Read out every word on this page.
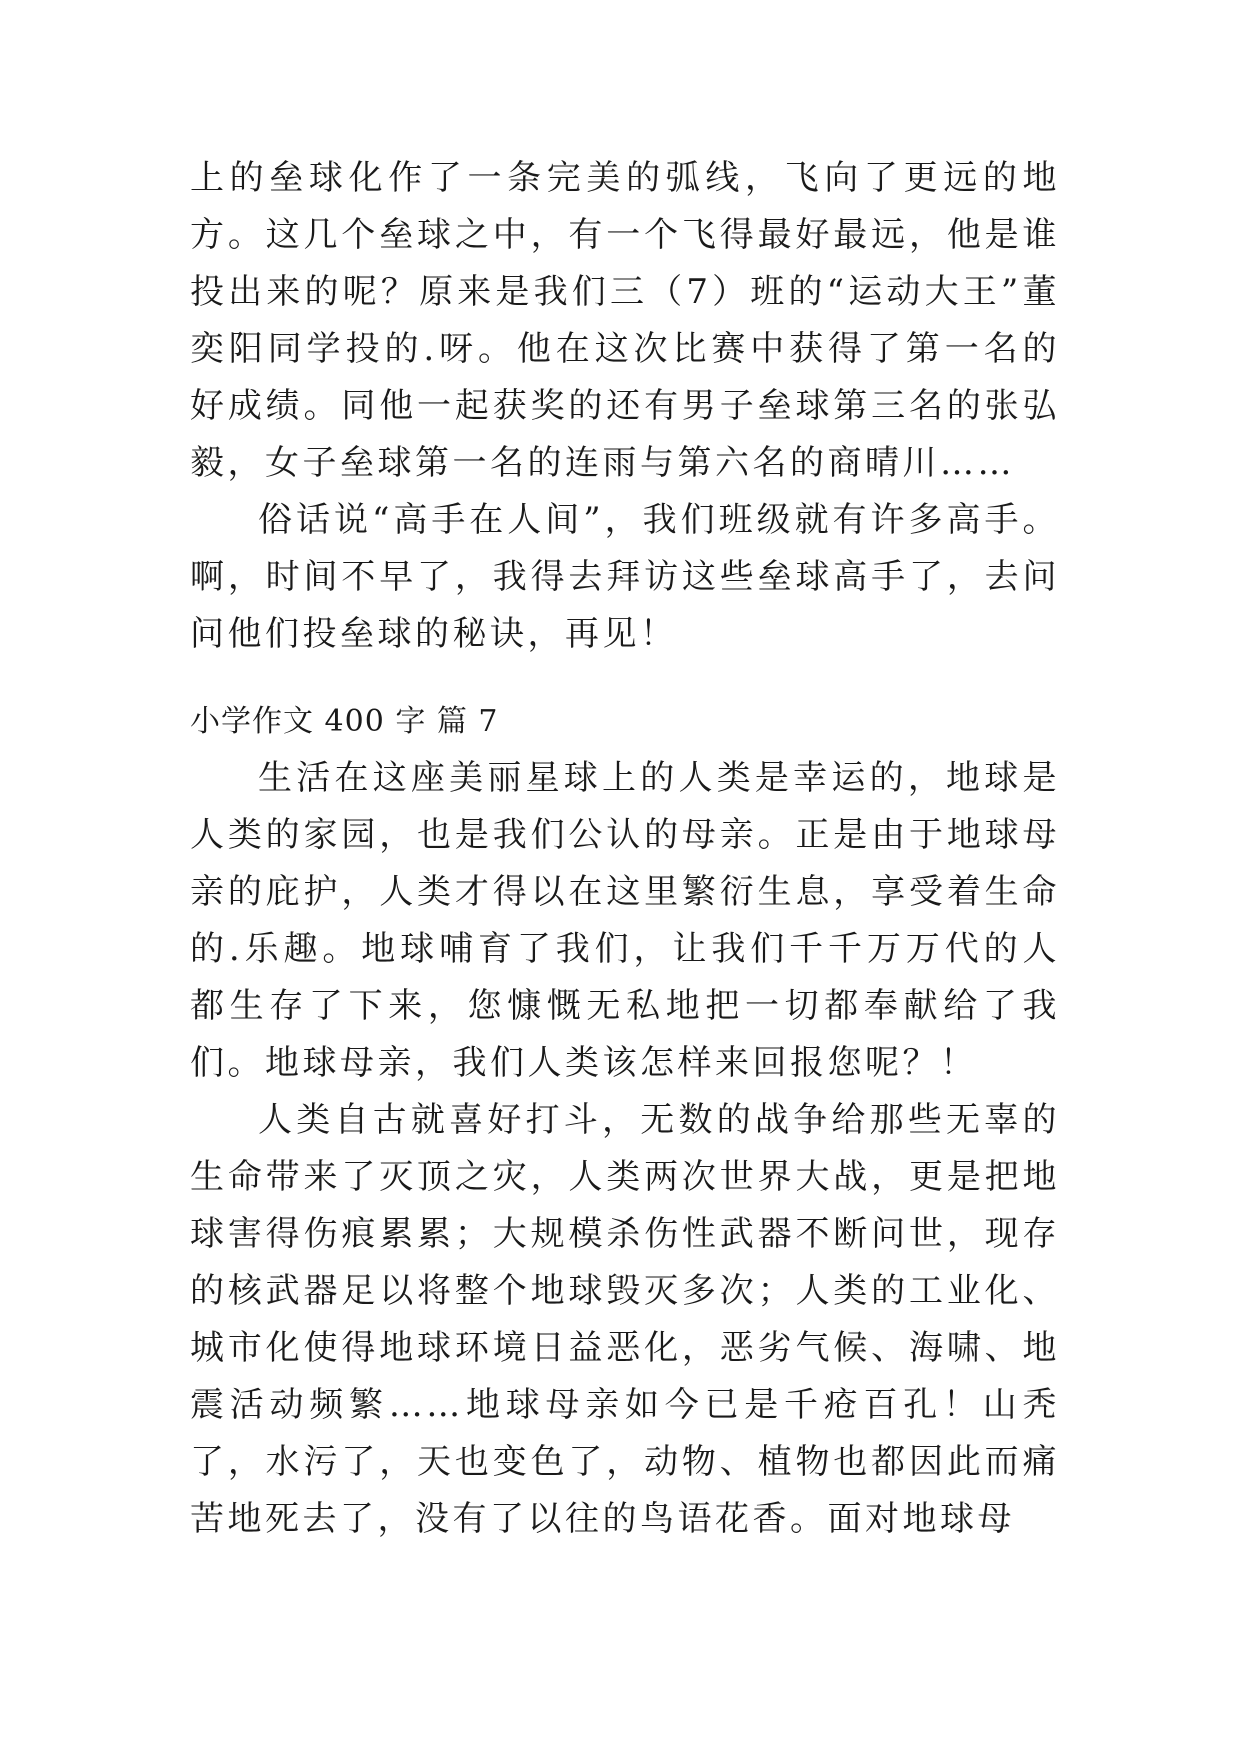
上的垒球化作了一条完美的弧线，飞向了更远的地方。这几个垒球之中，有一个飞得最好最远，他是谁投出来的呢？原来是我们三（7）班的“运动大王”董奕阳同学投的.呀。他在这次比赛中获得了第一名的好成绩。同他一起获奖的还有男子垒球第三名的张弘毅，女子垒球第一名的连雨与第六名的商晴川……

俗话说“高手在人间”，我们班级就有许多高手。啊，时间不早了，我得去拜访这些垒球高手了，去问问他们投垒球的秘诀，再见！

小学作文 400 字 篇 7

生活在这座美丽星球上的人类是幸运的，地球是人类的家园，也是我们公认的母亲。正是由于地球母亲的庇护，人类才得以在这里繁衍生息，享受着生命的.乐趣。地球哺育了我们，让我们千千万万代的人都生存了下来，您慷慨无私地把一切都奉献给了我们。地球母亲，我们人类该怎样来回报您呢？！

人类自古就喜好打斗，无数的战争给那些无辜的生命带来了灭顶之灾，人类两次世界大战，更是把地球害得伤痕累累；大规模杀伤性武器不断问世，现存的核武器足以将整个地球毁灭多次；人类的工业化、城市化使得地球环境日益恶化，恶劣气候、海啸、地震活动频繁……地球母亲如今已是千疮百孔！山秃了，水污了，天也变色了，动物、植物也都因此而痛苦地死去了，没有了以往的鸟语花香。面对地球母
